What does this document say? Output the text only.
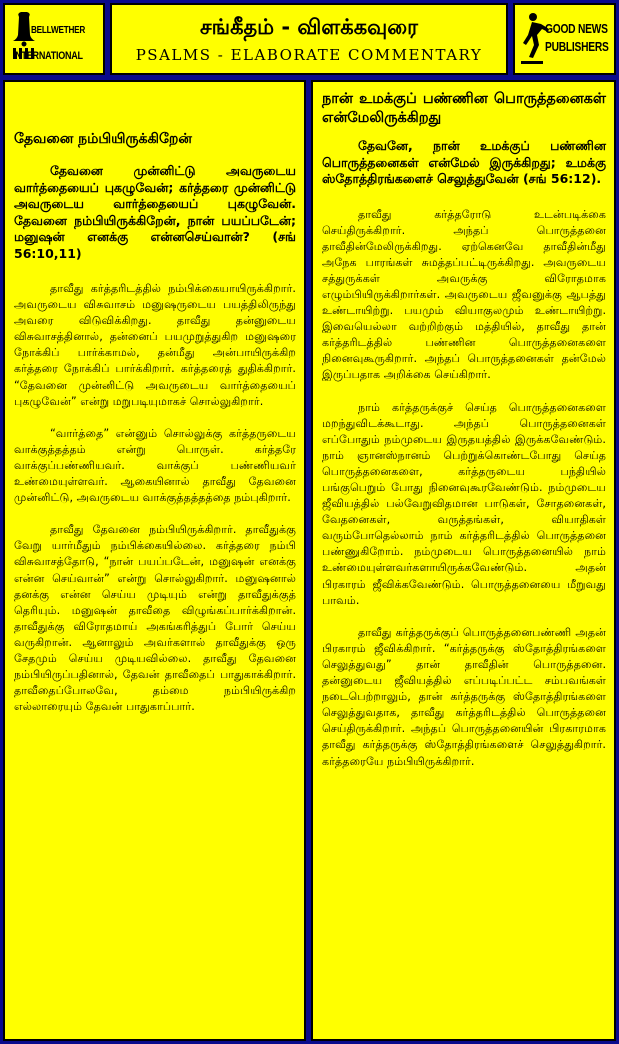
BELLWETHER
INTERNATIONAL
சங்கீதம் - விளக்கவுரை
PSALMS - ELABORATE COMMENTARY
GOOD NEWS
PUBLISHERS
தேவனை நம்பியிருக்கிறேன்

தேவனை முன்னிட்டு அவருடைய வார்த்தையைப் புகழுவேன்; கர்த்தரை முன்னிட்டு அவருடைய வார்த்தையைப் புகழுவேன். தேவனை நம்பியிருக்கிறேன், நான் பயப்படேன்; மனுஷன் எனக்கு என்னசெய்வான்? (சங் 56:10,11)

தாவீது கர்த்தரிடத்தில் நம்பிக்கையாயிருக்கிறார். அவருடைய விசுவாசம் மனுஷருடைய பயத்திலிருந்து அவரை விடுவிக்கிறது. தாவீது தன்னுடைய விசுவாசத்தினால், தன்னைப் பயமுறுத்துகிற மனுஷரை நோக்கிப் பார்க்காமல், தன்மீது அன்பாயிருக்கிற கர்த்தரை நோக்கிப் பார்க்கிறார். கர்த்தரைத் துதிக்கிறார். “தேவனை முன்னிட்டு அவருடைய வார்த்தையைப் புகழுவேன்” என்று மறுபடியுமாகச் சொல்லுகிறார்.

“வார்த்தை” என்னும் சொல்லுக்கு கர்த்தருடைய வாக்குத்தத்தம் என்று பொருள். கர்த்தரே வாக்குப்பண்ணியவர். வாக்குப் பண்ணியவர் உண்மையுள்ளவர். ஆகையினால் தாவீது தேவனை முன்னிட்டு, அவருடைய வாக்குத்தத்தத்தை நம்புகிறார்.

தாவீது தேவனை நம்பியிருக்கிறார். தாவீதுக்கு வேறு யார்மீதும் நம்பிக்கையில்லை. கர்த்தரை நம்பி விசுவாசத்தோடு, “நான் பயப்படேன், மனுஷன் எனக்கு என்ன செய்வான்” என்று சொல்லுகிறார். மனுஷனால் தனக்கு என்ன செய்ய முடியும் என்று தாவீதுக்குத் தெரியும். மனுஷன் தாவீதை விழுங்கப்பார்க்கிறான். தாவீதுக்கு விரோதமாய் அகங்கரித்துப் போர் செய்ய வருகிறான். ஆனாலும் அவர்களால் தாவீதுக்கு ஒரு சேதமும் செய்ய முடியவில்லை. தாவீது தேவனை நம்பியிருப்பதினால், தேவன் தாவீதைப் பாதுகாக்கிறார். தாவீதைப்போலவே, தம்மை நம்பியிருக்கிற எல்லாரையும் தேவன் பாதுகாப்பார்.

நான் உமக்குப் பண்ணின பொருத்தனைகள் என்மேலிருக்கிறது

தேவனே, நான் உமக்குப் பண்ணின பொருத்தனைகள் என்மேல் இருக்கிறது; உமக்கு ஸ்தோத்திரங்களைச் செலுத்துவேன் (சங் 56:12).

தாவீது கர்த்தரோடு உடன்படிக்கை செய்திருக்கிறார். அந்தப் பொருத்தனை தாவீதின்மேலிருக்கிறது. ஏற்கெனவே தாவீதின்மீது அநேக பாரங்கள் சுமத்தப்பட்டிருக்கிறது. அவருடைய சத்துருக்கள் அவருக்கு விரோதமாக எழும்பியிருக்கிறார்கள். அவருடைய ஜீவனுக்கு ஆபத்து உண்டாயிற்று. பயமும் வியாகுலமும் உண்டாயிற்று. இவையெல்லா வற்றிற்கும் மத்தியில், தாவீது தான் கர்த்தரிடத்தில் பண்ணின பொருத்தனைகளை நினைவுகூருகிறார். அந்தப் பொருத்தனைகள் தன்மேல் இருப்பதாக அறிக்கை செய்கிறார்.

நாம் கர்த்தருக்குச் செய்த பொருத்தனைகளை மறந்துவிடக்கூடாது. அந்தப் பொருத்தனைகள் எப்போதும் நம்முடைய இருதயத்தில் இருக்கவேண்டும். நாம் ஞானஸ்நானம் பெற்றுக்கொண்டபோது செய்த பொருத்தனைகளை, கர்த்தருடைய பந்தியில் பங்குபெறும் போது நினைவுகூரவேண்டும். நம்முடைய ஜீவியத்தில் பல்வேறுவிதமான பாடுகள், சோதனைகள், வேதனைகள், வருத்தங்கள், வியாதிகள் வரும்போதெல்லாம் நாம் கர்த்தரிடத்தில் பொருத்தனை பண்ணுகிறோம். நம்முடைய பொருத்தனையில் நாம் உண்மையுள்ளவர்களாயிருக்கவேண்டும். அதன் பிரகாரம் ஜீவிக்கவேண்டும். பொருத்தனையை மீறுவது பாவம்.

தாவீது கர்த்தருக்குப் பொருத்தனைபண்ணி அதன் பிரகாரம் ஜீவிக்கிறார். “கர்த்தருக்கு ஸ்தோத்திரங்களை செலுத்துவது” தான் தாவீதின் பொருத்தனை. தன்னுடைய ஜீவியத்தில் எப்படிப்பட்ட சம்பவங்கள் நடைபெற்றாலும், தான் கர்த்தருக்கு ஸ்தோத்திரங்களை செலுத்துவதாக, தாவீது கர்த்தரிடத்தில் பொருத்தனை செய்திருக்கிறார். அந்தப் பொருத்தனையின் பிரகாரமாக தாவீது கர்த்தருக்கு ஸ்தோத்திரங்களைச் செலுத்துகிறார். கர்த்தரையே நம்பியிருக்கிறார்.
